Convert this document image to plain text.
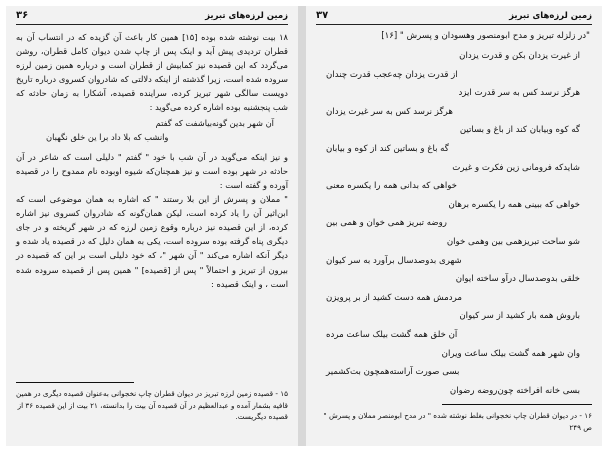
زمین لرزه‌های تبریز
۳۶

۱۸ بیت نوشته شده بوده [۱۵] همین کار باعث آن گزیده که در انتساب آن به قطران تردیدی پیش آید و اینک پس از چاپ شدن دیوان کامل قطران، روشن می‌گردد که این قصیده نیز کمابیش از قطران است و درباره همین زمین لرزه سروده شده است، زیرا گذشته از اینکه دلالتی که شادروان کسروی درباره تاریخ دویست سالگی شهر تبریز کرده، سراینده قصیده، آشکارا به زمان حادثه که شب پنجشنبه بوده اشاره کرده می‌گوید :

آن شهر بدین گونه‌بیاشفت که گفتم
وانشب که بلا داد برا ین خلق نگهبان

و نیز اینکه می‌گوید در آن شب با خود " گفتم " دلیلی است که شاعر در آن حادثه در شهر بوده است و نیز همچنان‌که شیوه اوبوده نام ممدوح را در قصیده آورده و گفته است :

" مملان و پسرش از این بلا رستند " که اشاره به همان موضوعی است که ابن‌اثیر آن را یاد کرده است، لیکن همان‌گونه که شادروان کسروی نیز اشاره کرده، از این قصیده نیز درباره وقوع زمین لرزه که در شهر گریخته و در جای دیگری پناه گرفته بوده سروده است، یکی به همان دلیل که در قصیده یاد شده و دیگر آنکه اشاره می‌کند " آن شهر "، که خود دلیلی است بر این که قصیده در بیرون از تبریز و احتمالاً " پس از [قصیده] " همین پس از قصیده سروده شده است ، و اینک قصیده :

۱۵ - قصیده زمین لرزه تبریز در دیوان قطران چاپ نخجوانی به‌عنوان قصیده دیگری در همین قافیه بشمار آمده و عبدالعظیم در آن قصیده آن بیت را بدانسته، ۲۱ بیت از این قصیده ۳۶ از قصیده دیگریست.

زمین لرزه‌های تبریز
۳۷
"در زلزله تبریز و مدح ابومنصور وهسودان و پسرش " [۱۶]
از غیرت یزدان بکن و قدرت یزدان
از قدرت یزدان چه‌عجب قدرت چندان
هرگز نرسد کس به سر قدرت ایزد
هرگز نرسد کس به سر غیرت یزدان
گه کوه وبیابان کند از باغ و بساتین
گه باغ و بساتین کند از کوه و بیابان
شایدکه فرومانی زین فکرت و غیرت
خواهی که بدانی همه را یکسره معنی
خواهی که ببینی همه را یکسره برهان
روضه تبریز همی خوان و همی بین
شو ساحت تبریزهمی بین وهمی خوان
شهری بدوصدسال برآورد به سر کیوان
خلقی بدوصدسال درآو ساخته ایوان
مردمش همه دست کشید از بر پرویزن
باروش همه بار کشید از سر کیوان
آن خلق همه گشت بیلک ساعت مرده
وان شهر همه گشت بیلک ساعت ویران
بسی صورت آراسته‌همچون بت‌کشمیر
بسی خانه افراخته چون‌روضه رضوان

۱۶ - در دیوان قطران چاپ نخجوانی بغلط نوشته شده " در مدح ابومنصر مملان و پسرش " ص ۲۴۹
